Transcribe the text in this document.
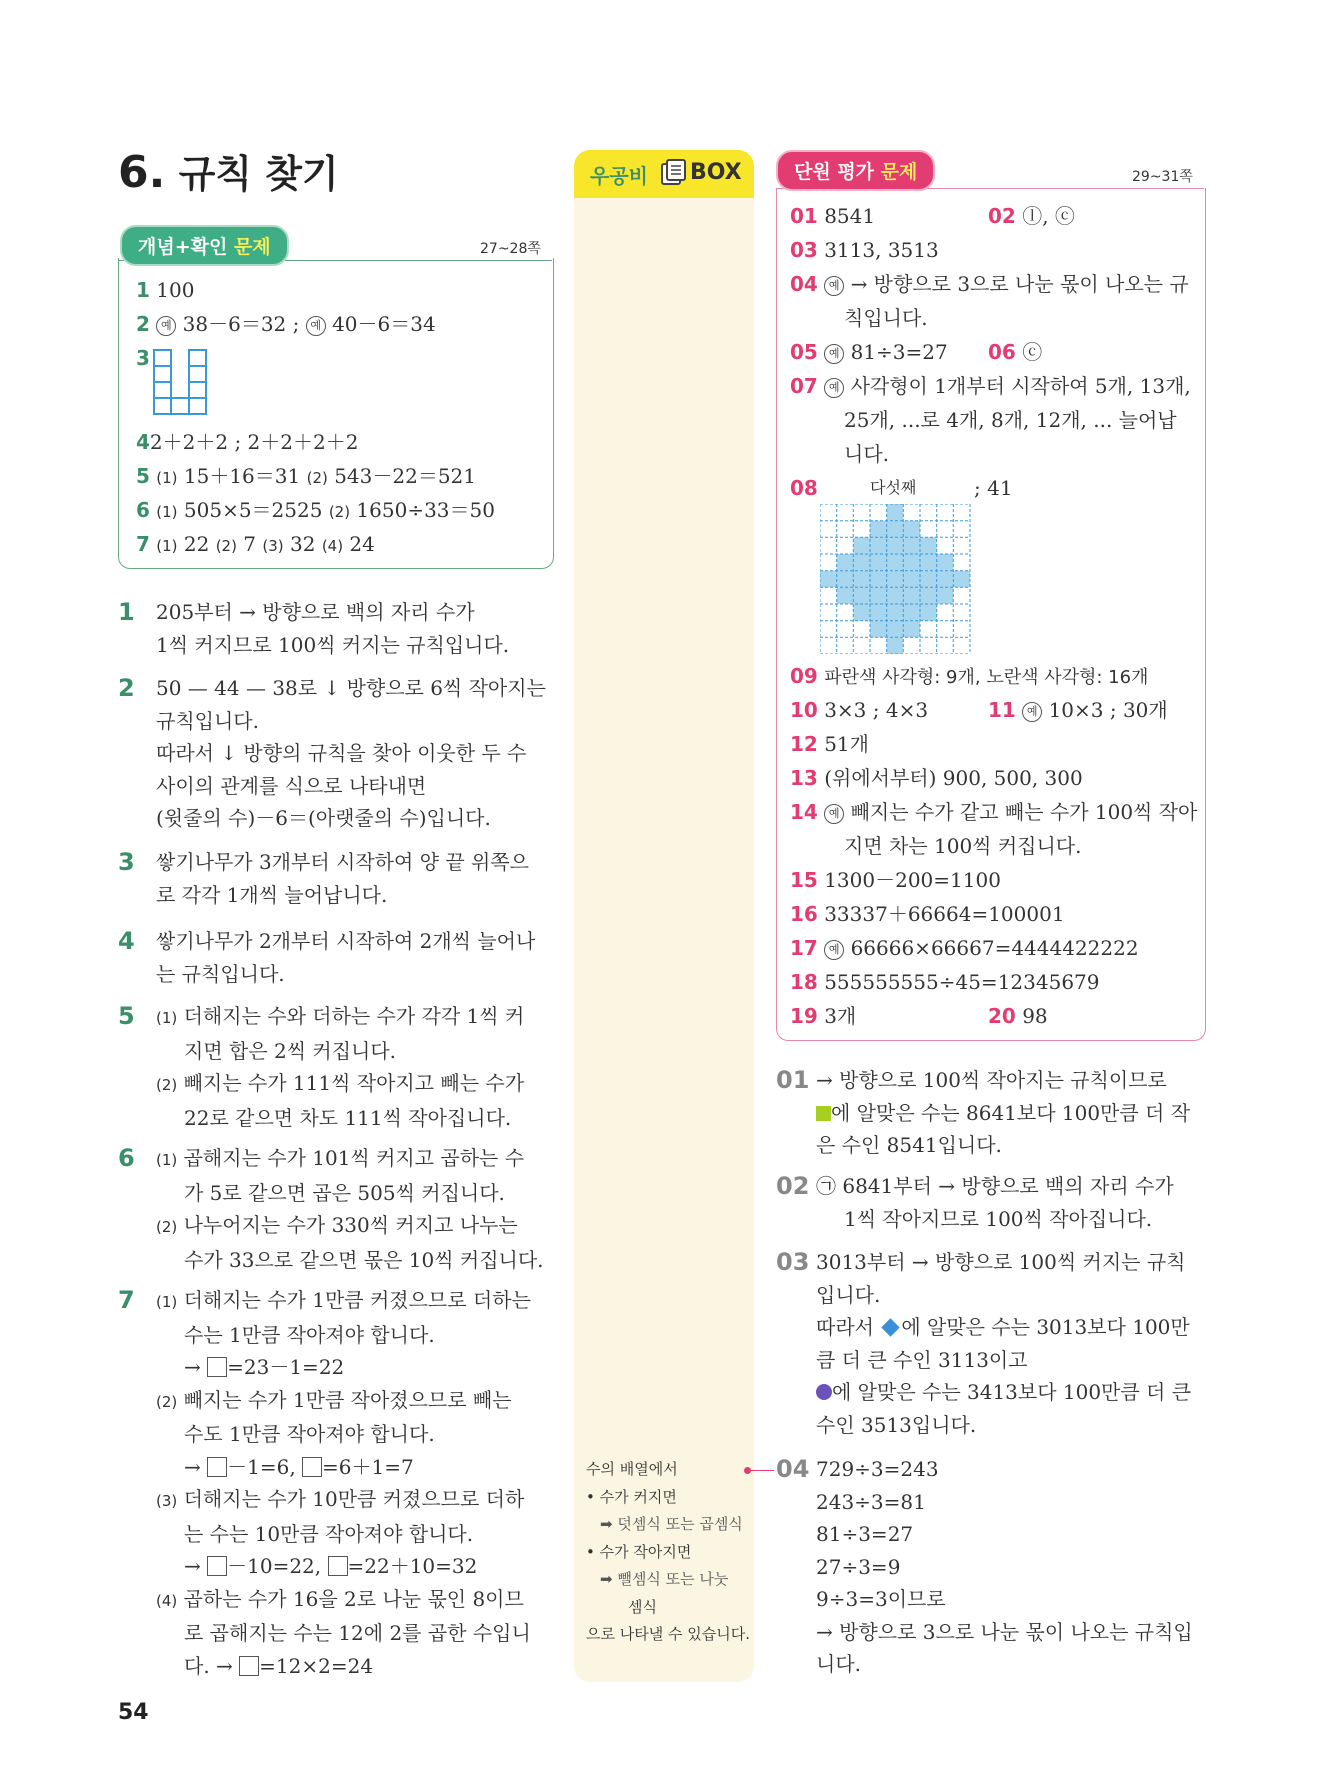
6. 규칙 찾기
개념+확인 문제	27~28쪽
1 100
2 예 38－6＝32 ; 예 40－6＝34
3
42＋2＋2 ; 2＋2＋2＋2
5 (1) 15＋16＝31 (2) 543－22＝521
6 (1) 505×5＝2525 (2) 1650÷33＝50
7 (1) 22 (2) 7 (3) 32 (4) 24
1 205부터 → 방향으로 백의 자리 수가
1씩 커지므로 100씩 커지는 규칙입니다.
2 50 — 44 — 38로 ↓ 방향으로 6씩 작아지는
규칙입니다.
따라서 ↓ 방향의 규칙을 찾아 이웃한 두 수
사이의 관계를 식으로 나타내면
(윗줄의 수)－6＝(아랫줄의 수)입니다.
3 쌓기나무가 3개부터 시작하여 양 끝 위쪽으
로 각각 1개씩 늘어납니다.
4 쌓기나무가 2개부터 시작하여 2개씩 늘어나
는 규칙입니다.
5 (1) 더해지는 수와 더하는 수가 각각 1씩 커
지면 합은 2씩 커집니다.
(2) 빼지는 수가 111씩 작아지고 빼는 수가
22로 같으면 차도 111씩 작아집니다.
6 (1) 곱해지는 수가 101씩 커지고 곱하는 수
가 5로 같으면 곱은 505씩 커집니다.
(2) 나누어지는 수가 330씩 커지고 나누는
수가 33으로 같으면 몫은 10씩 커집니다.
7 (1) 더해지는 수가 1만큼 커졌으므로 더하는
수는 1만큼 작아져야 합니다.
→ =23－1=22
(2) 빼지는 수가 1만큼 작아졌으므로 빼는
수도 1만큼 작아져야 합니다.
→ －1=6, =6＋1=7
(3) 더해지는 수가 10만큼 커졌으므로 더하
는 수는 10만큼 작아져야 합니다.
→ －10=22, =22＋10=32
(4) 곱하는 수가 16을 2로 나눈 몫인 8이므
로 곱해지는 수는 12에 2를 곱한 수입니
다. → =12×2=24
우공비 BOX
수의 배열에서
• 수가 커지면
➡ 덧셈식 또는 곱셈식
• 수가 작아지면
➡ 뺄셈식 또는 나눗
셈식
으로 나타낼 수 있습니다.
단원 평가 문제	29~31쪽
01 8541	02 ⓛ, ⓒ
03 3113, 3513
04 예 → 방향으로 3으로 나눈 몫이 나오는 규
칙입니다.
05 예 81÷3=27 06 ⓒ
07 예 사각형이 1개부터 시작하여 5개, 13개,
25개, ...로 4개, 8개, 12개, ... 늘어납
니다.
08	다섯째	; 41
09 파란색 사각형: 9개, 노란색 사각형: 16개
10 3×3 ; 4×3	11 예 10×3 ; 30개
12 51개
13 (위에서부터) 900, 500, 300
14 예 빼지는 수가 같고 빼는 수가 100씩 작아
지면 차는 100씩 커집니다.
15 1300－200=1100
16 33337＋66664=100001
17 예 66666×66667=4444422222
18 555555555÷45=12345679
19 3개	20 98
01 → 방향으로 100씩 작아지는 규칙이므로
에 알맞은 수는 8641보다 100만큼 더 작
은 수인 8541입니다.
02 ㉠ 6841부터 → 방향으로 백의 자리 수가
1씩 작아지므로 100씩 작아집니다.
03 3013부터 → 방향으로 100씩 커지는 규칙
입니다.
따라서 에 알맞은 수는 3013보다 100만
큼 더 큰 수인 3113이고
에 알맞은 수는 3413보다 100만큼 더 큰
수인 3513입니다.
04 729÷3=243
243÷3=81
81÷3=27
27÷3=9
9÷3=3이므로
→ 방향으로 3으로 나눈 몫이 나오는 규칙입
니다.
54
